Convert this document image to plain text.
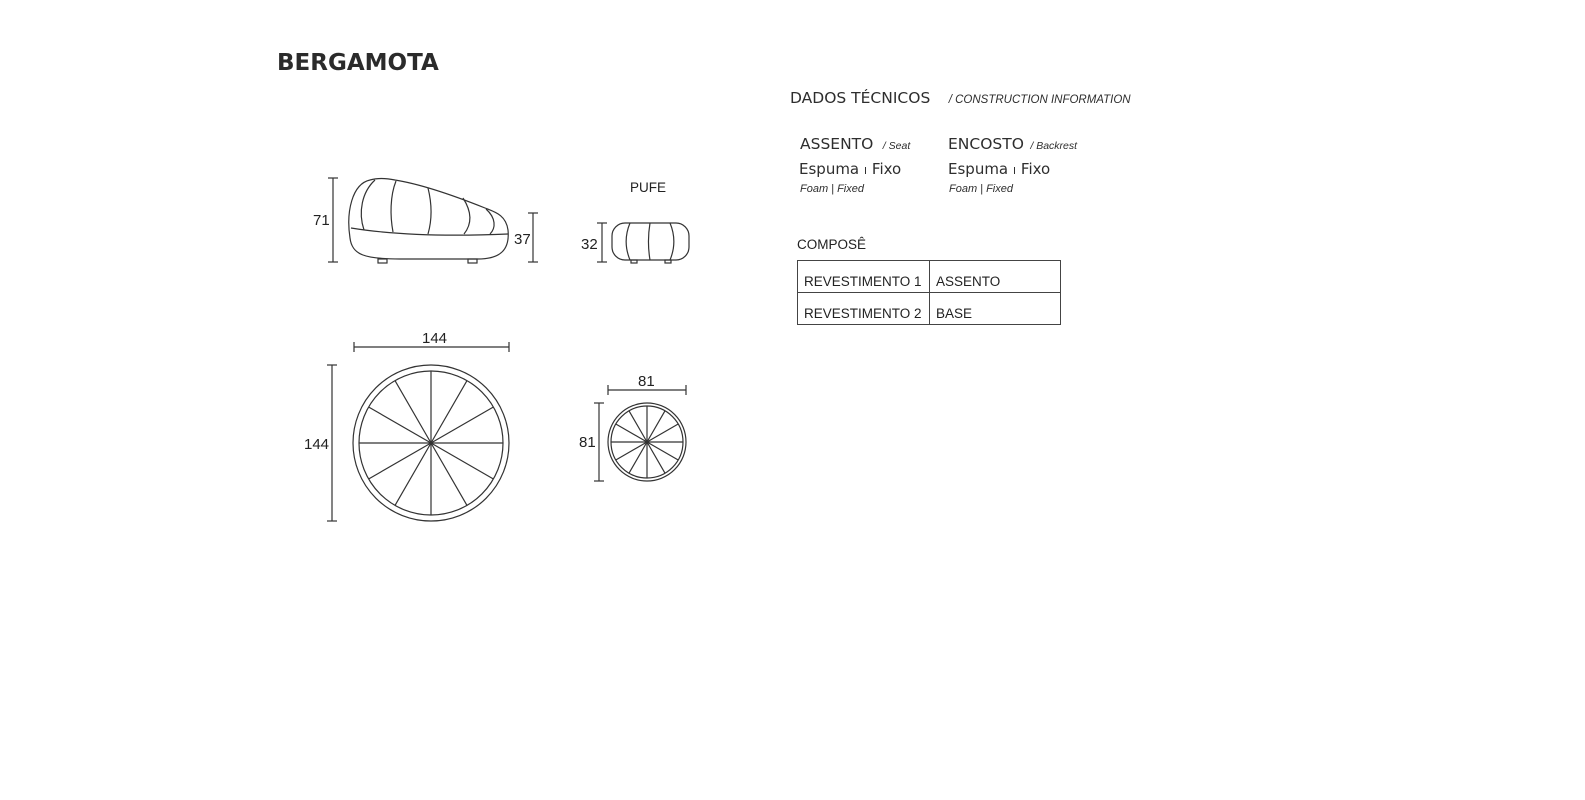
BERGAMOTA
DADOS TÉCNICOS / CONSTRUCTION INFORMATION
ASSENTO / Seat
Espuma I Fixo
Foam | Fixed
ENCOSTO / Backrest
Espuma I Fixo
Foam | Fixed
COMPOSÊ
REVESTIMENTO 1	ASSENTO
REVESTIMENTO 2	BASE
71
37
PUFE
32
144
144
81
81
